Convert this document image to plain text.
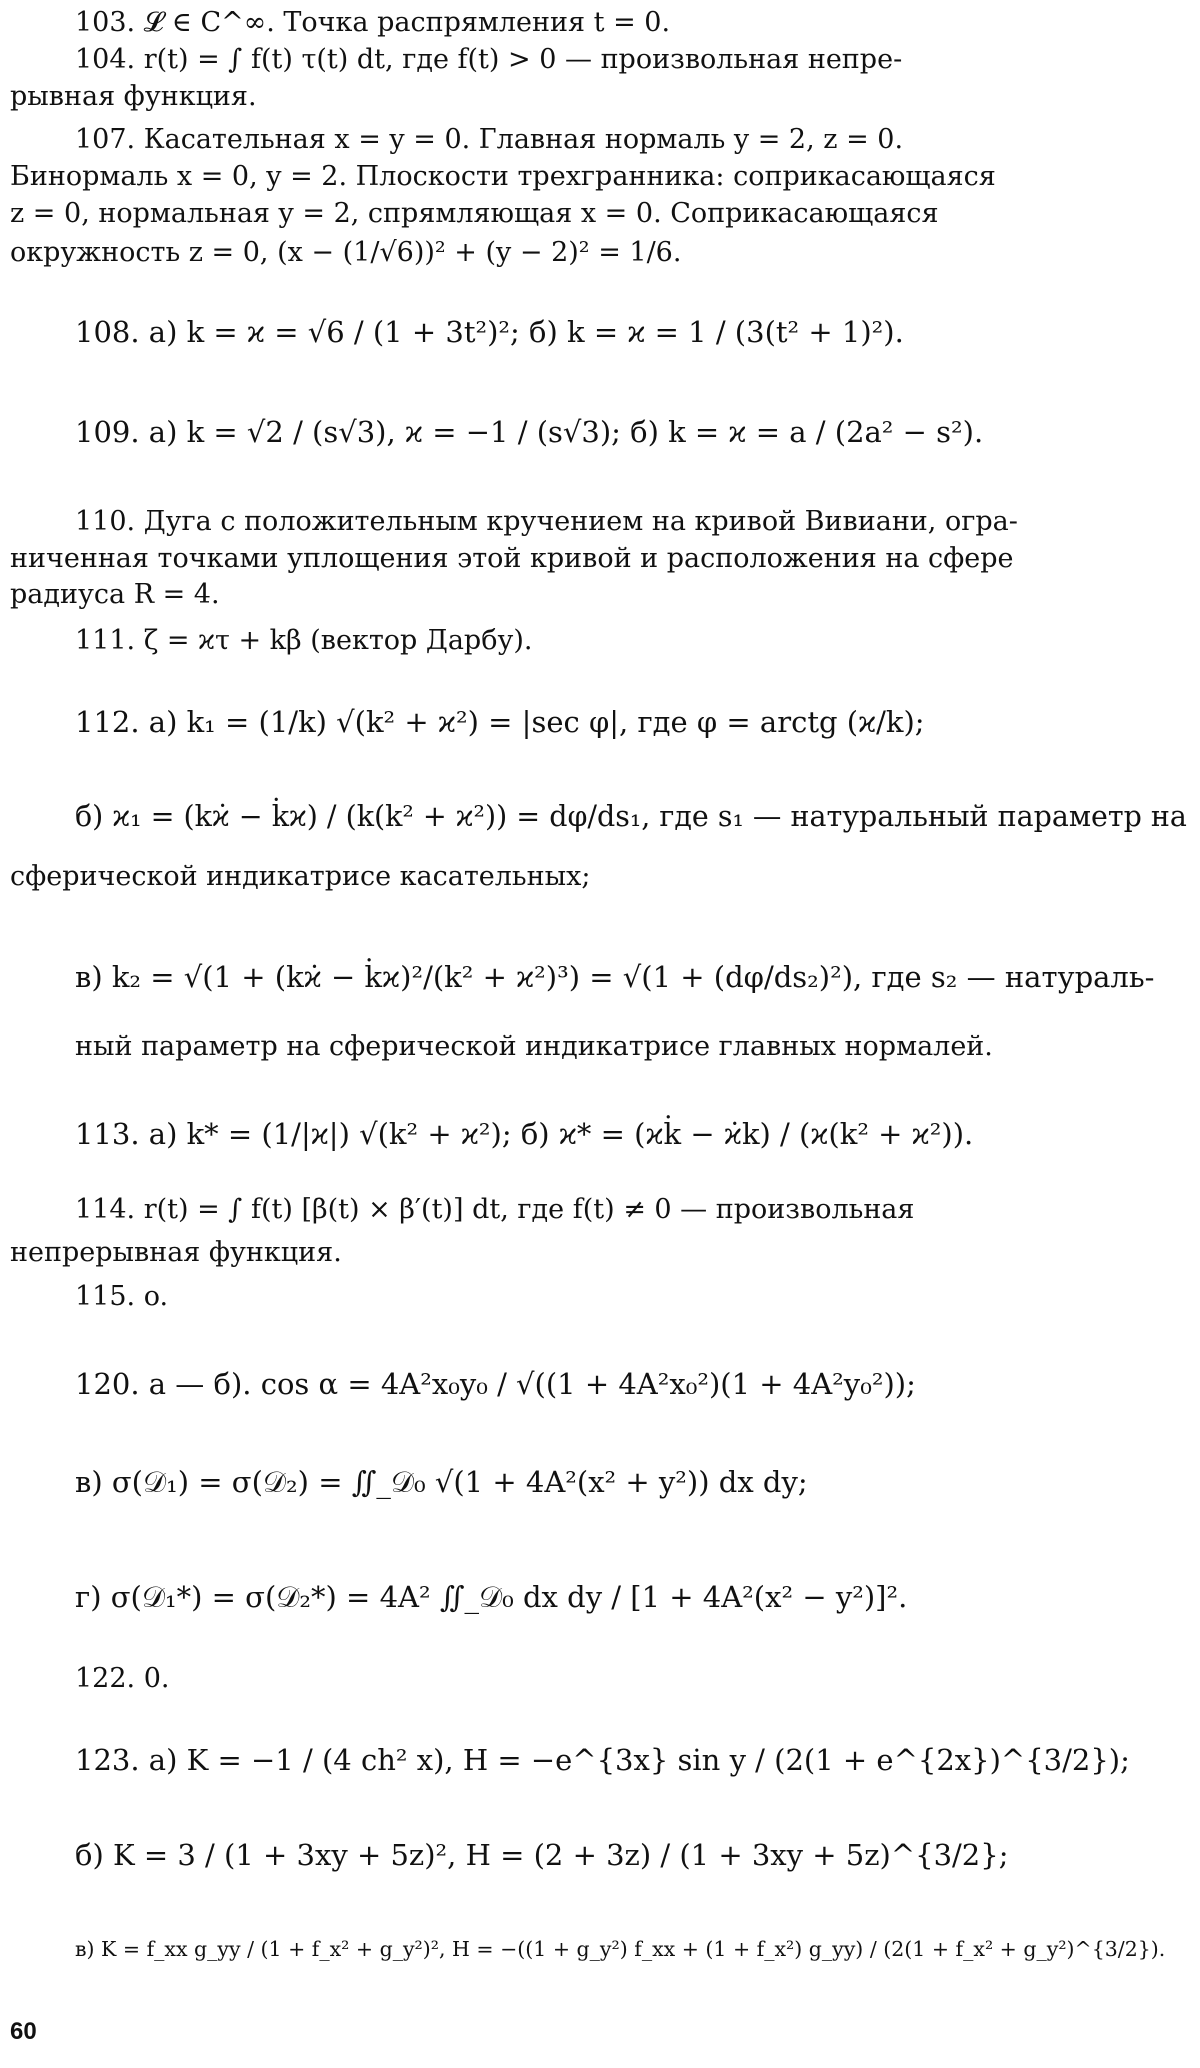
103. 𝓛 ∈ C^∞. Точка распрямления t = 0.
104. r(t) = ∫ f(t) τ(t) dt, где f(t) > 0 — произвольная непре-
рывная функция.
107. Касательная x = y = 0. Главная нормаль y = 2, z = 0.
Бинормаль x = 0, y = 2. Плоскости трехгранника: соприкасающаяся
z = 0, нормальная y = 2, спрямляющая x = 0. Соприкасающаяся
окружность z = 0, (x − (1/√6))² + (y − 2)² = 1/6.
108. а) k = ϰ = √6 / (1 + 3t²)²; б) k = ϰ = 1 / (3(t² + 1)²).
109. а) k = √2 / (s√3), ϰ = −1 / (s√3); б) k = ϰ = a / (2a² − s²).
110. Дуга с положительным кручением на кривой Вивиани, огра-
ниченная точками уплощения этой кривой и расположения на сфере
радиуса R = 4.
111. ζ = ϰτ + kβ (вектор Дарбу).
112. а) k₁ = (1/k) √(k² + ϰ²) = |sec φ|, где φ = arctg (ϰ/k);
б) ϰ₁ = (kϰ̇ − k̇ϰ) / (k(k² + ϰ²)) = dφ/ds₁, где s₁ — натуральный параметр на
сферической индикатрисе касательных;
в) k₂ = √(1 + (kϰ̇ − k̇ϰ)²/(k² + ϰ²)³) = √(1 + (dφ/ds₂)²), где s₂ — натураль-
ный параметр на сферической индикатрисе главных нормалей.
113. а) k* = (1/|ϰ|) √(k² + ϰ²); б) ϰ* = (ϰk̇ − ϰ̇k) / (ϰ(k² + ϰ²)).
114. r(t) = ∫ f(t) [β(t) × β′(t)] dt, где f(t) ≠ 0 — произвольная
непрерывная функция.
115. o.
120. а — б). cos α = 4A²x₀y₀ / √((1 + 4A²x₀²)(1 + 4A²y₀²));
в) σ(𝒟₁) = σ(𝒟₂) = ∬_𝒟₀ √(1 + 4A²(x² + y²)) dx dy;
г) σ(𝒟₁*) = σ(𝒟₂*) = 4A² ∬_𝒟₀ dx dy / [1 + 4A²(x² − y²)]².
122. 0.
123. а) K = −1 / (4 ch² x), H = −e^{3x} sin y / (2(1 + e^{2x})^{3/2});
б) K = 3 / (1 + 3xy + 5z)², H = (2 + 3z) / (1 + 3xy + 5z)^{3/2};
в) K = f_xx g_yy / (1 + f_x² + g_y²)², H = −((1 + g_y²) f_xx + (1 + f_x²) g_yy) / (2(1 + f_x² + g_y²)^{3/2}).
60
